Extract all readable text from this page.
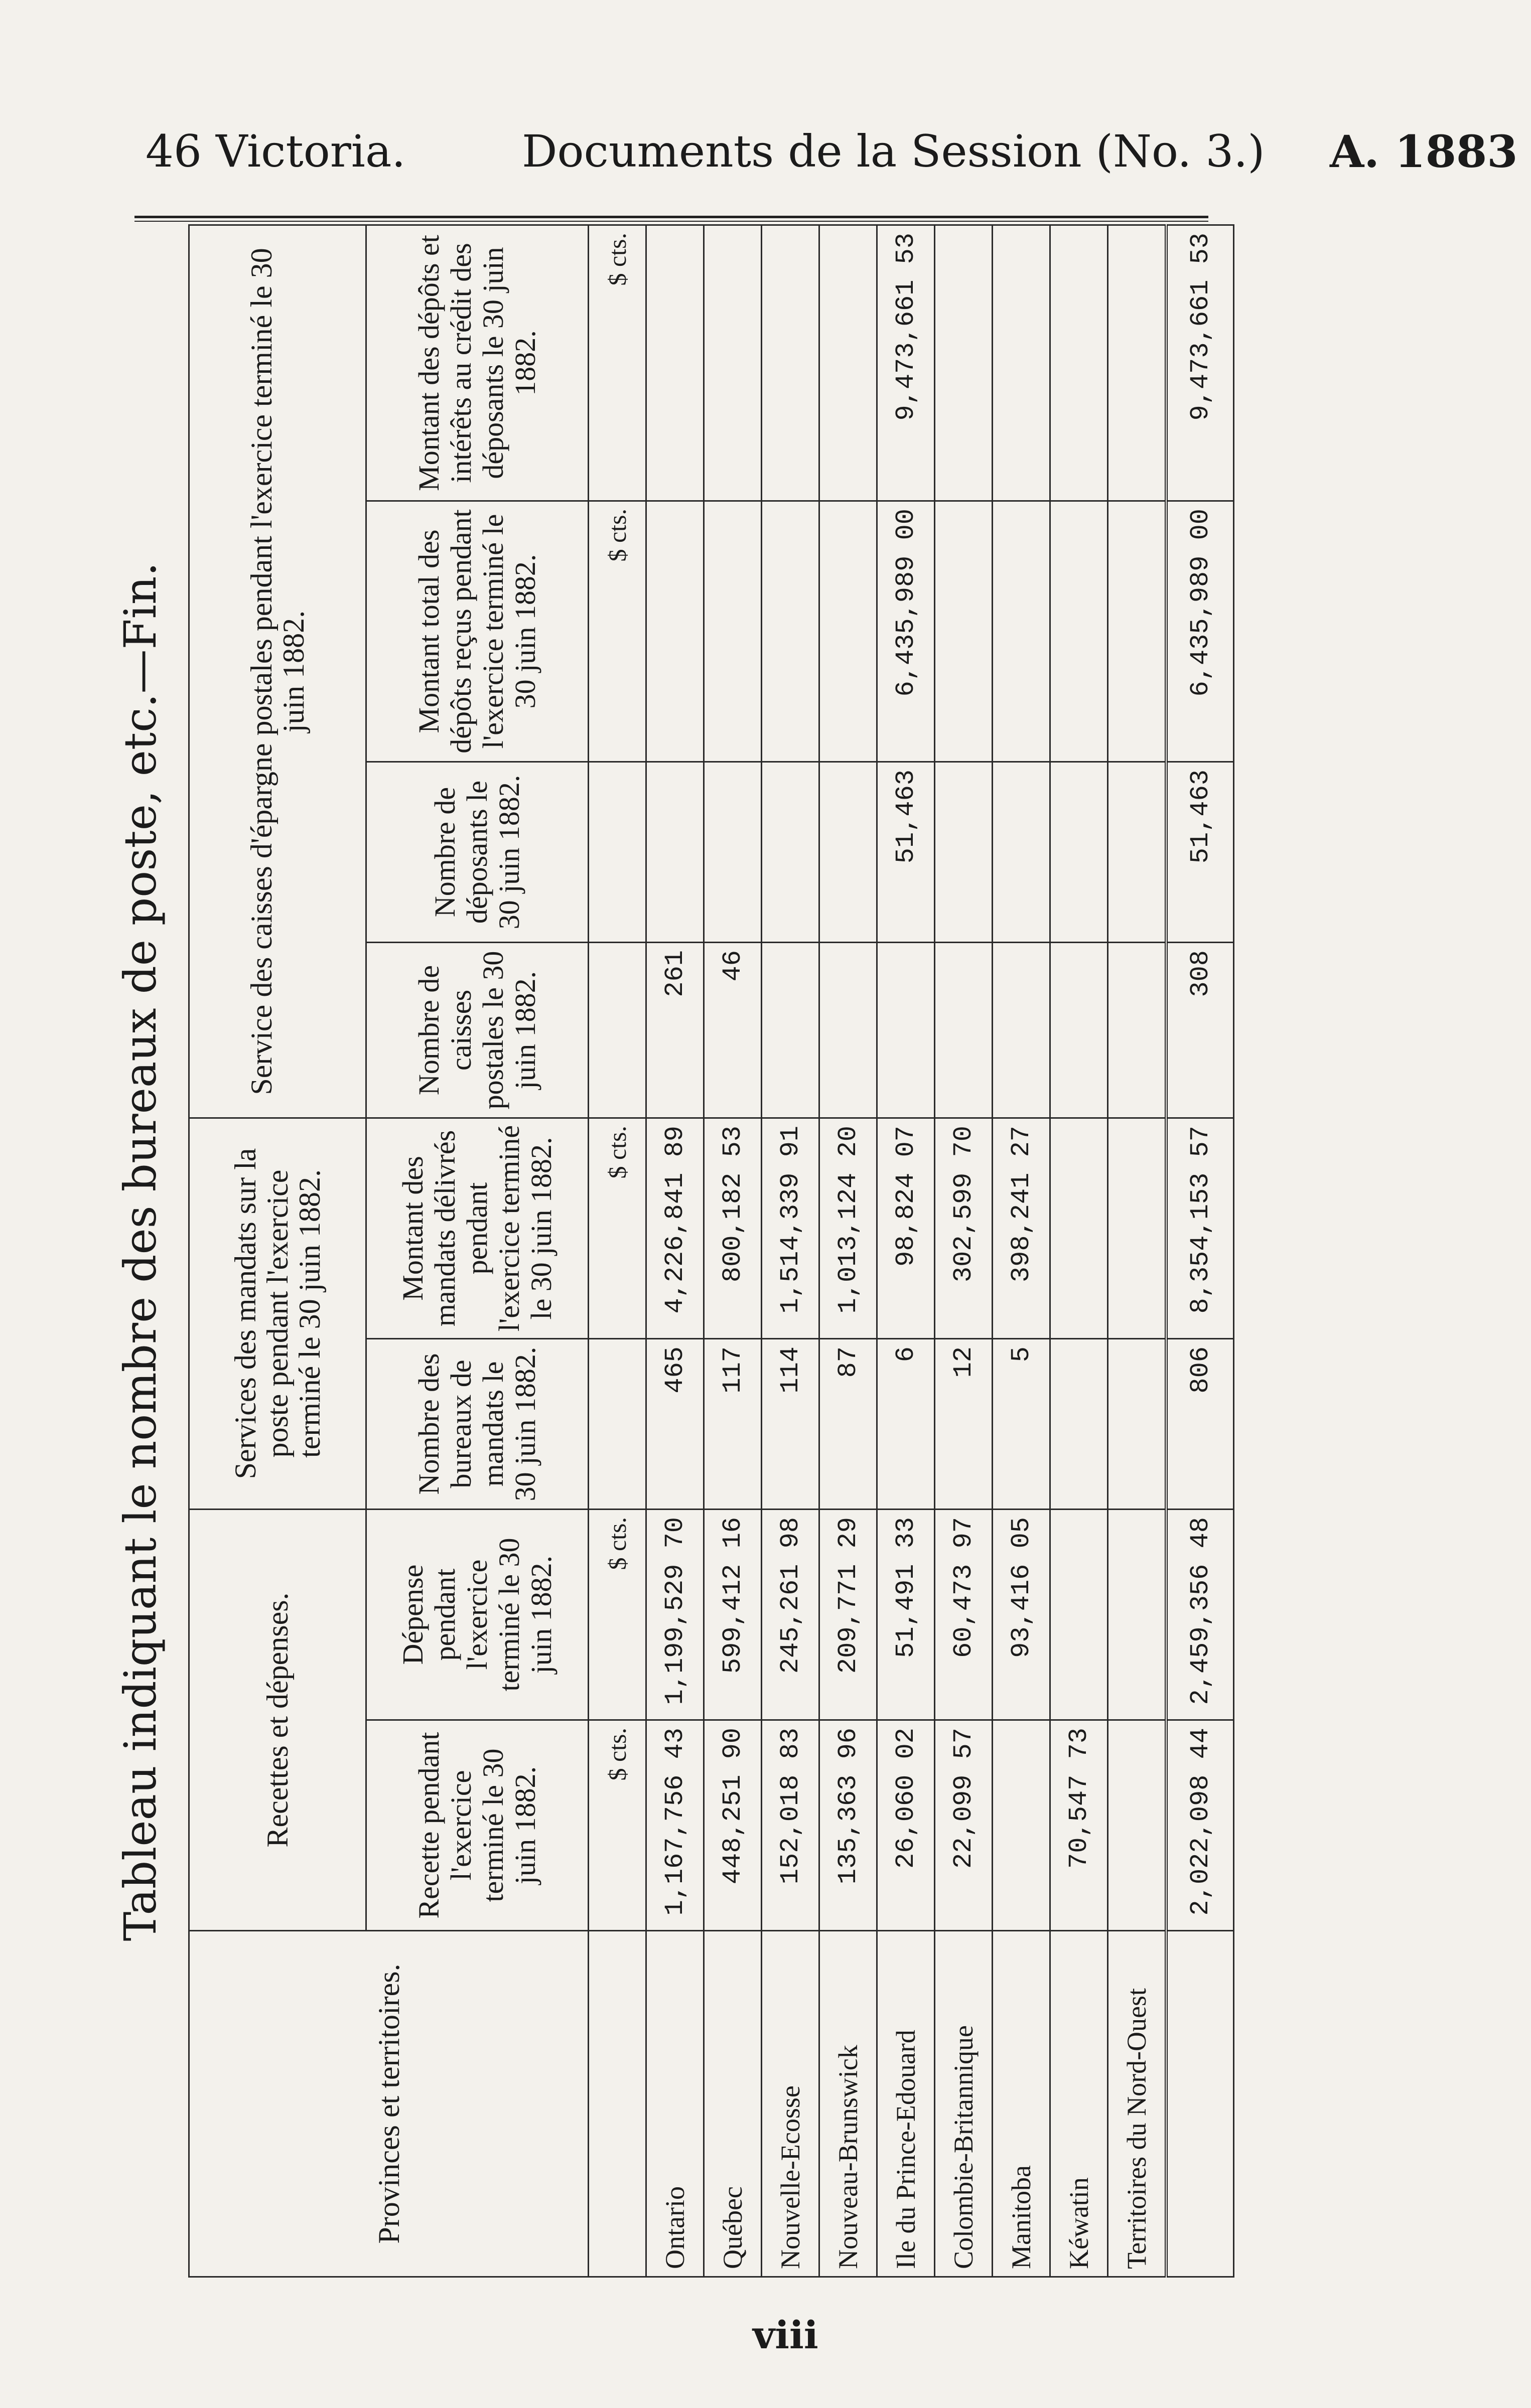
46 Victoria.	Documents de la Session (No. 3.) A. 1883
Tableau indiquant le nombre des bureaux de poste, etc.—Fin.
Provinces et territoires.	Recettes et dépenses.		Services des mandats sur la poste pendant l'exercice terminé le 30 juin 1882.		Service des caisses d'épargne postales pendant l'exercice terminé le 30 juin 1882.			
	Recette pendant l'exercice terminé le 30 juin 1882.	Dépense pendant l'exercice terminé le 30 juin 1882.	Nombre des bureaux de mandats le 30 juin 1882.	Montant des mandats délivrés pendant l'exercice terminé le 30 juin 1882.	Nombre de caisses postales le 30 juin 1882.	Nombre de déposants le 30 juin 1882.	Montant total des dépôts reçus pendant l'exercice terminé le 30 juin 1882.	Montant des dépôts et intérêts au crédit des déposants le 30 juin 1882.
	$ cts.	$ cts.		$ cts.			$ cts.	$ cts.
Ontario	1,167,756 43	1,199,529 70	465	4,226,841 89	261			
Québec	448,251 90	599,412 16	117	800,182 53	46			
Nouvelle-Ecosse	152,018 83	245,261 98	114	1,514,339 91				
Nouveau-Brunswick	135,363 96	209,771 29	87	1,013,124 20				
Ile du Prince-Edouard	26,060 02	51,491 33	6	98,824 07		51,463	6,435,989 00	9,473,661 53
Colombie-Britannique	22,099 57	60,473 97	12	302,599 70				
Manitoba		93,416 05	5	398,241 27				
Kéwatin	70,547 73							
Territoires du Nord-Ouest								
	2,022,098 44	2,459,356 48	806	8,354,153 57	308	51,463	6,435,989 00	9,473,661 53
viii
